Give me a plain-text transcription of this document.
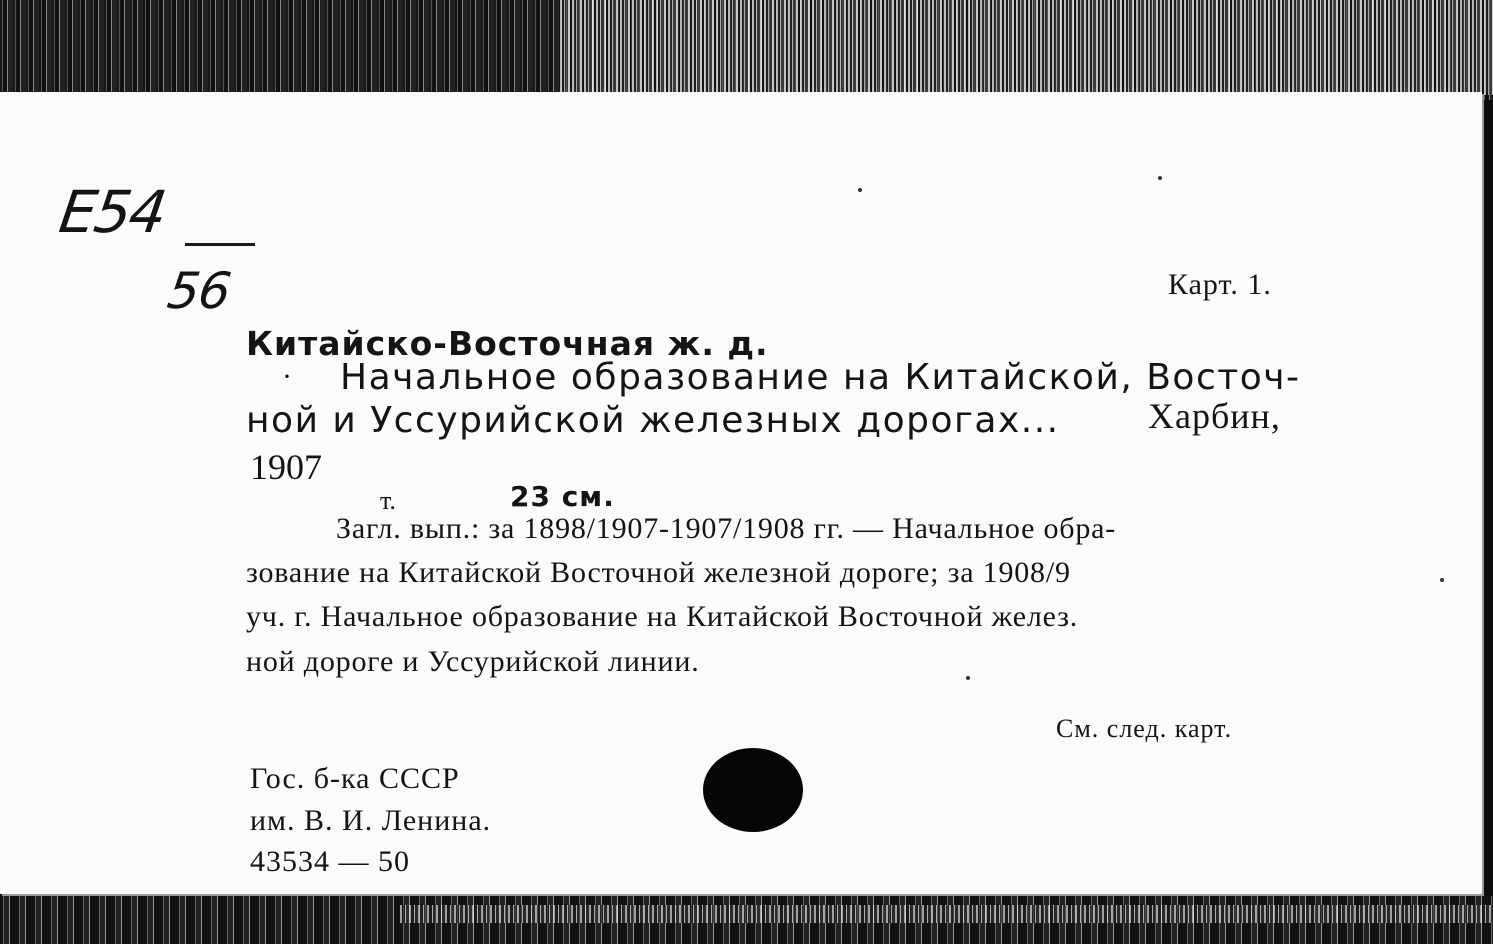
E54
56	Карт. 1.
Китайско-Восточная ж. д.
· Начальное образование на Китайской, Восточ-
ной и Уссурийской железных дорогах... Харбин,
1907
т.	23 см.
Загл. вып.: за 1898/1907-1907/1908 гг. — Начальное обра-
зование на Китайской Восточной железной дороге; за 1908/9
уч. г. Начальное образование на Китайской Восточной желез.
ной дороге и Уссурийской линии.
См. след. карт.
Гос. б-ка СССР
им. В. И. Ленина.
43534 — 50
